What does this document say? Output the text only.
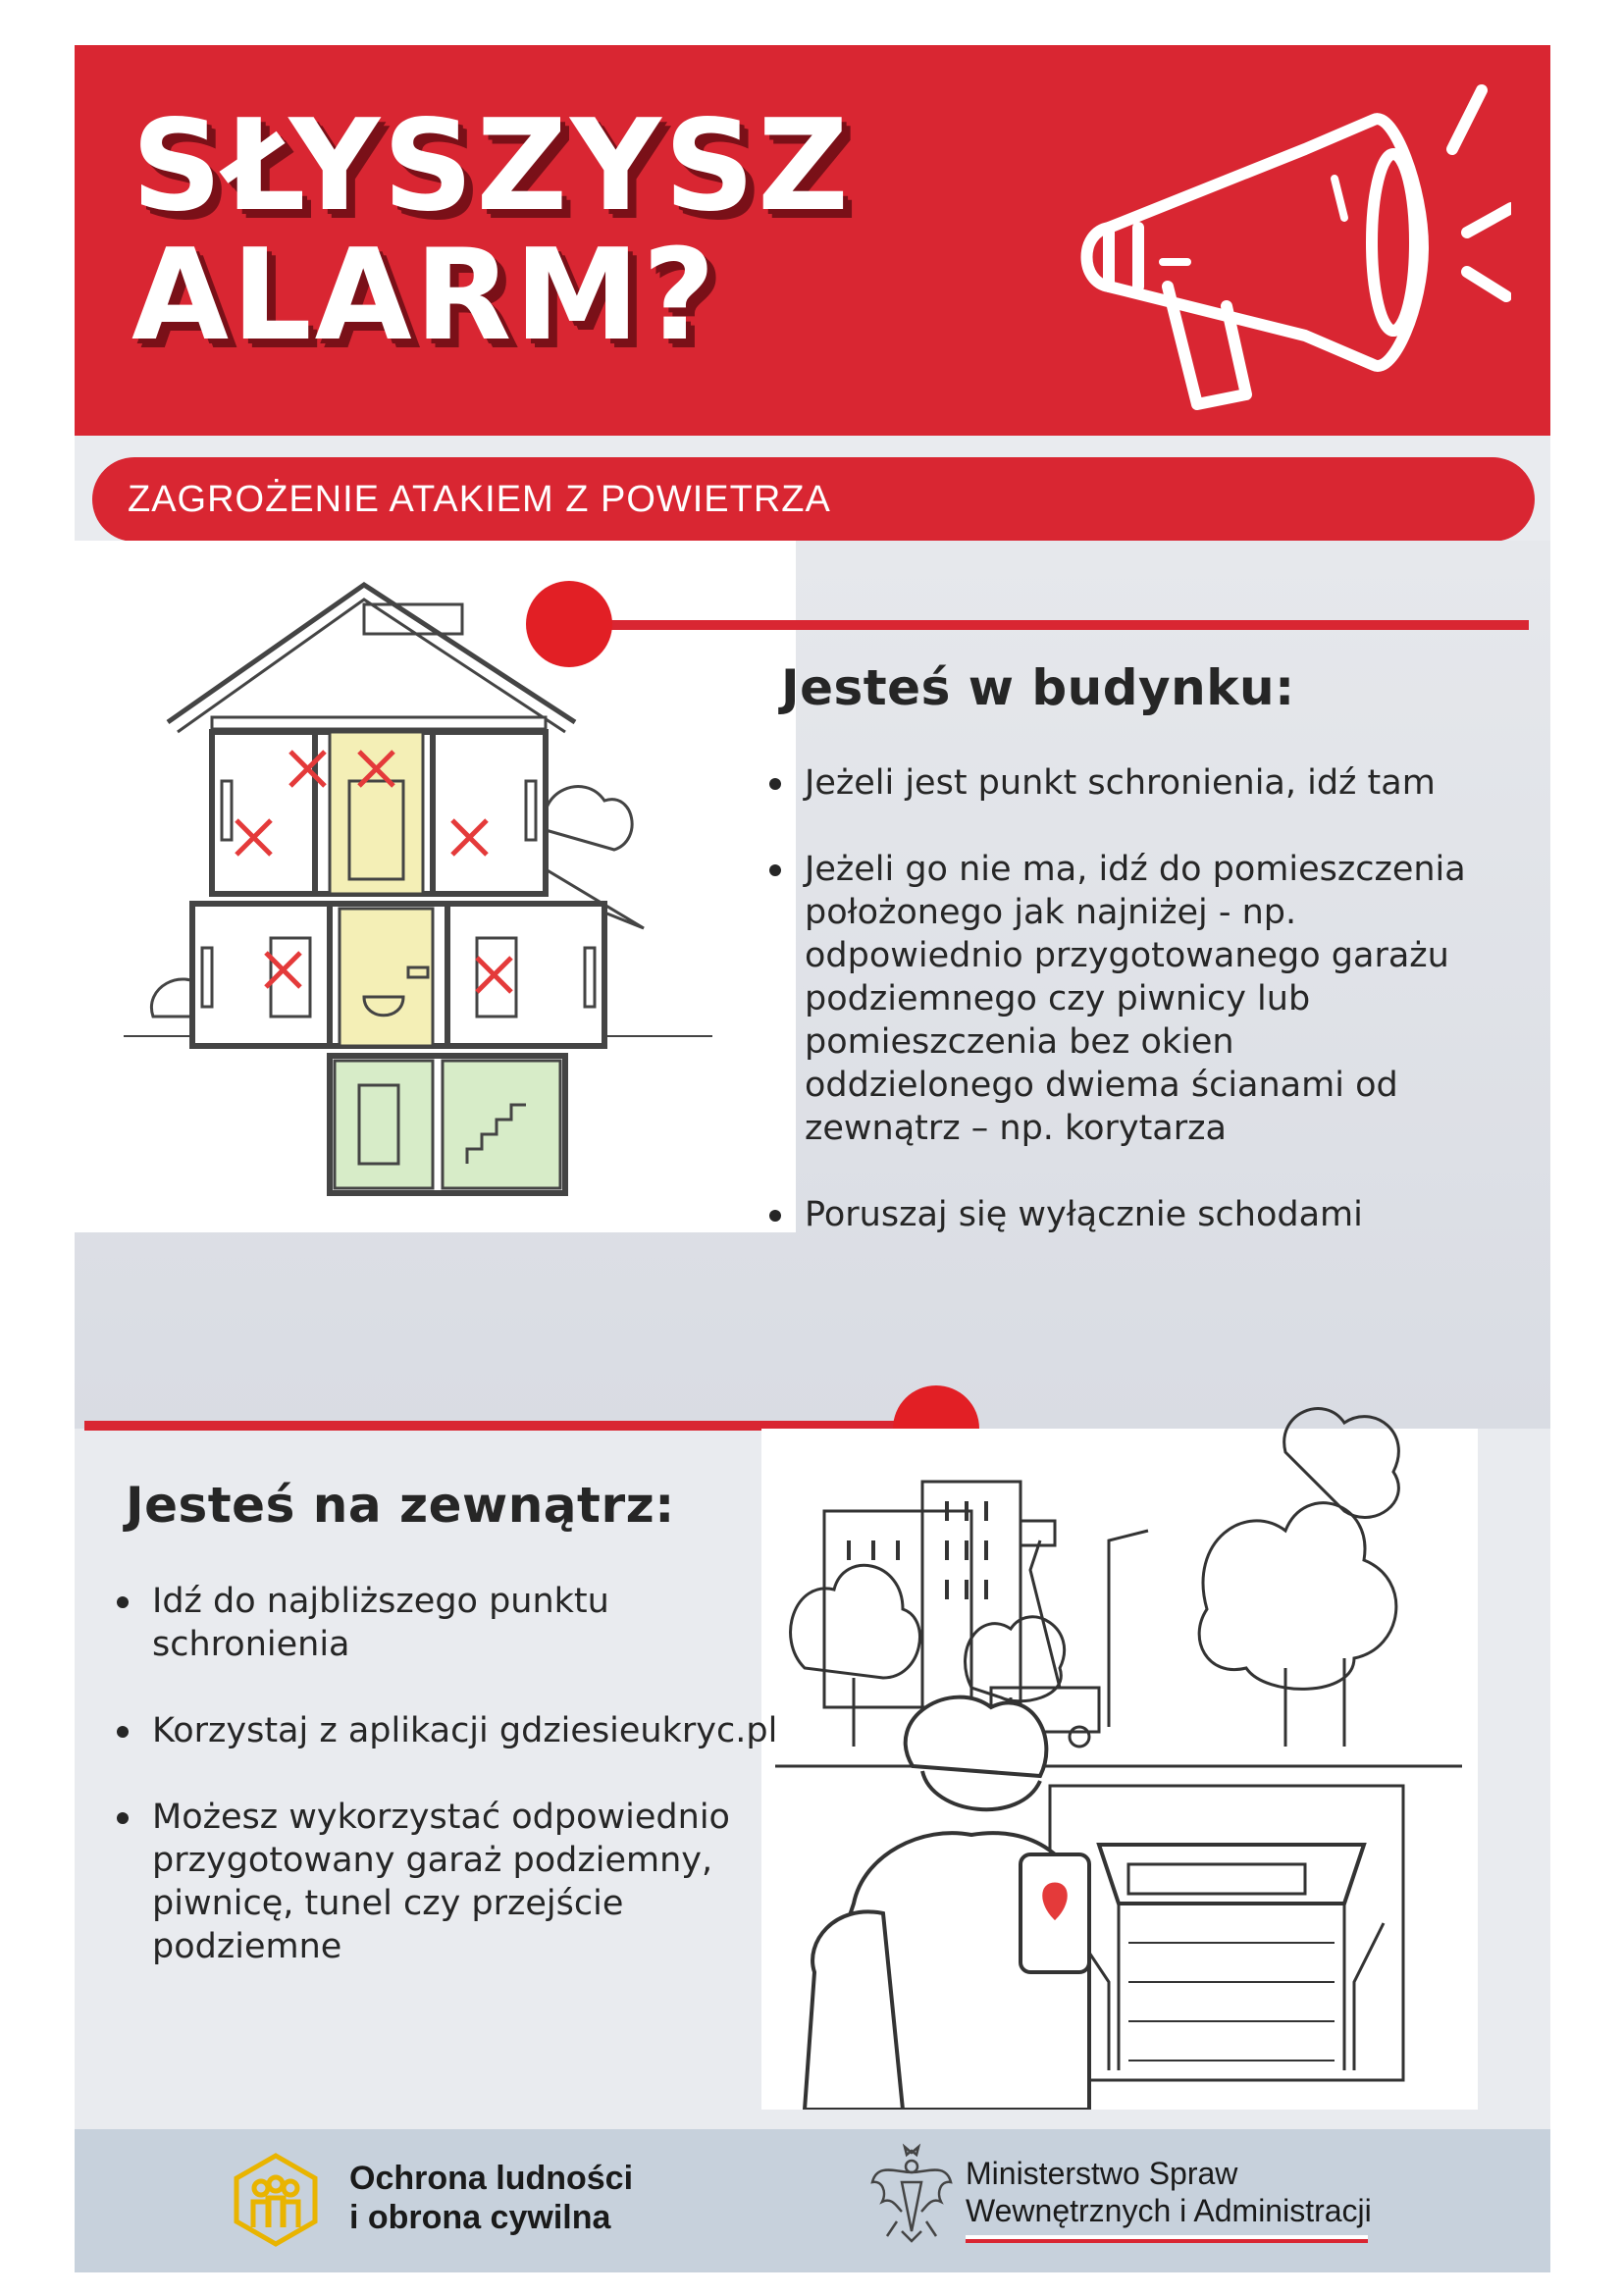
SŁYSZYSZ
ALARM?
ZAGROŻENIE ATAKIEM Z POWIETRZA
Jesteś w budynku:
Jeżeli jest punkt schronienia, idź tam
Jeżeli go nie ma, idź do pomieszczenia położonego jak najniżej - np. odpowiednio przygotowanego garażu podziemnego czy piwnicy lub pomieszczenia bez okien oddzielonego dwiema ścianami od zewnątrz – np. korytarza
Poruszaj się wyłącznie schodami
Jesteś na zewnątrz:
Idź do najbliższego punktu schronienia
Korzystaj z aplikacji gdziesieukryc.pl
Możesz wykorzystać odpowiednio przygotowany garaż podziemny, piwnicę, tunel czy przejście podziemne

Ochrona ludności
i obrona cywilna

Ministerstwo Spraw
Wewnętrznych i Administracji
